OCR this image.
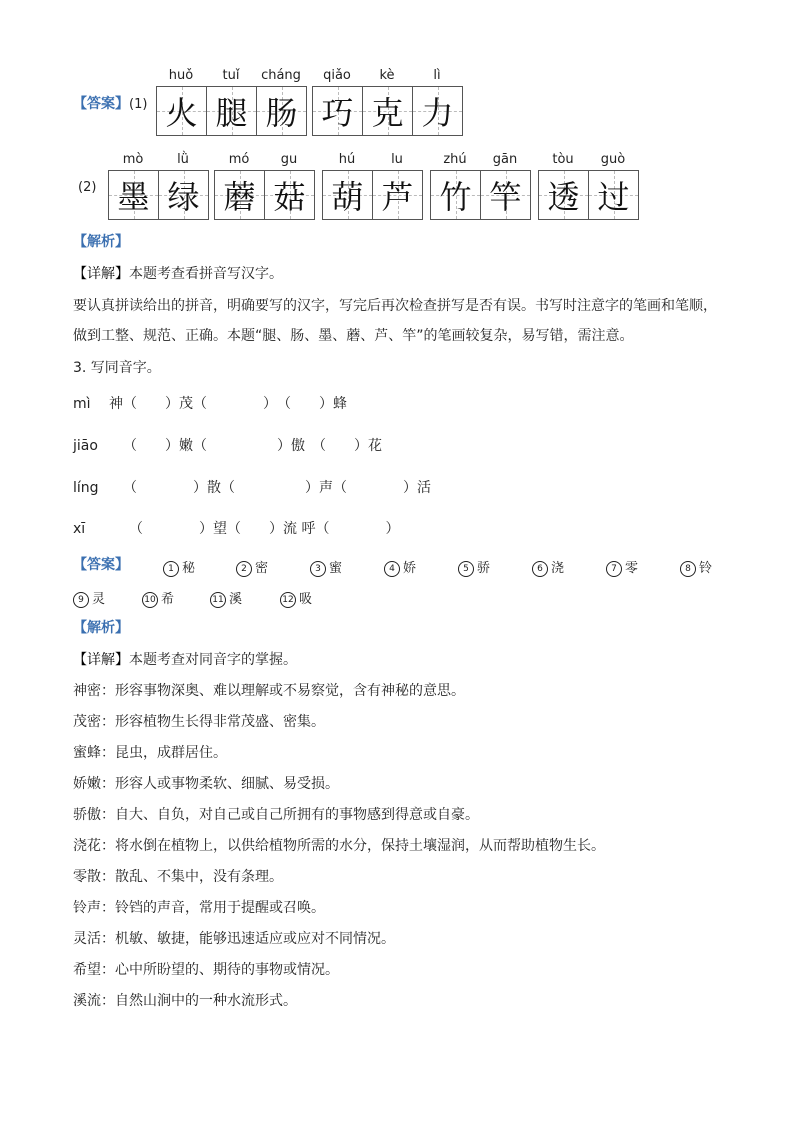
【答案】(1) 火 腿 肠
huǒ	tuǐ	cháng
巧 克 力
qiǎo	kè	lì
(2) 墨 绿
mò	lǜ
蘑 菇
mó	gu
葫 芦
hú	lu
竹 竿
zhú	gān
透 过
tòu	guò
【解析】
【详解】本题考查看拼音写汉字。
要认真拼读给出的拼音，明确要写的汉字，写完后再次检查拼写是否有误。书写时注意字的笔画和笔顺，
做到工整、规范、正确。本题“腿、肠、墨、蘑、芦、竿”的笔画较复杂，易写错，需注意。
3. 写同音字。
mì 神（　　）茂（　　　　）　（　　）蜂
jiāo （　　）嫩（　　　　　）傲　（　　）花
líng （　　　　）散（　　　　　）声（　　　　）活
xī	（　　　　）望（　　）流 呼（　　　　）
【答案】	1 秘	2 密	3 蜜	4 娇	5 骄	6 浇	7 零	8 铃
9 灵	10 希	11 溪	12 吸
【解析】
【详解】本题考查对同音字的掌握。
神密：形容事物深奥、难以理解或不易察觉，含有神秘的意思。
茂密：形容植物生长得非常茂盛、密集。
蜜蜂：昆虫，成群居住。
娇嫩：形容人或事物柔软、细腻、易受损。
骄傲：自大、自负，对自己或自己所拥有的事物感到得意或自豪。
浇花：将水倒在植物上，以供给植物所需的水分，保持土壤湿润，从而帮助植物生长。
零散：散乱、不集中，没有条理。
铃声：铃铛的声音，常用于提醒或召唤。
灵活：机敏、敏捷，能够迅速适应或应对不同情况。
希望：心中所盼望的、期待的事物或情况。
溪流：自然山涧中的一种水流形式。
